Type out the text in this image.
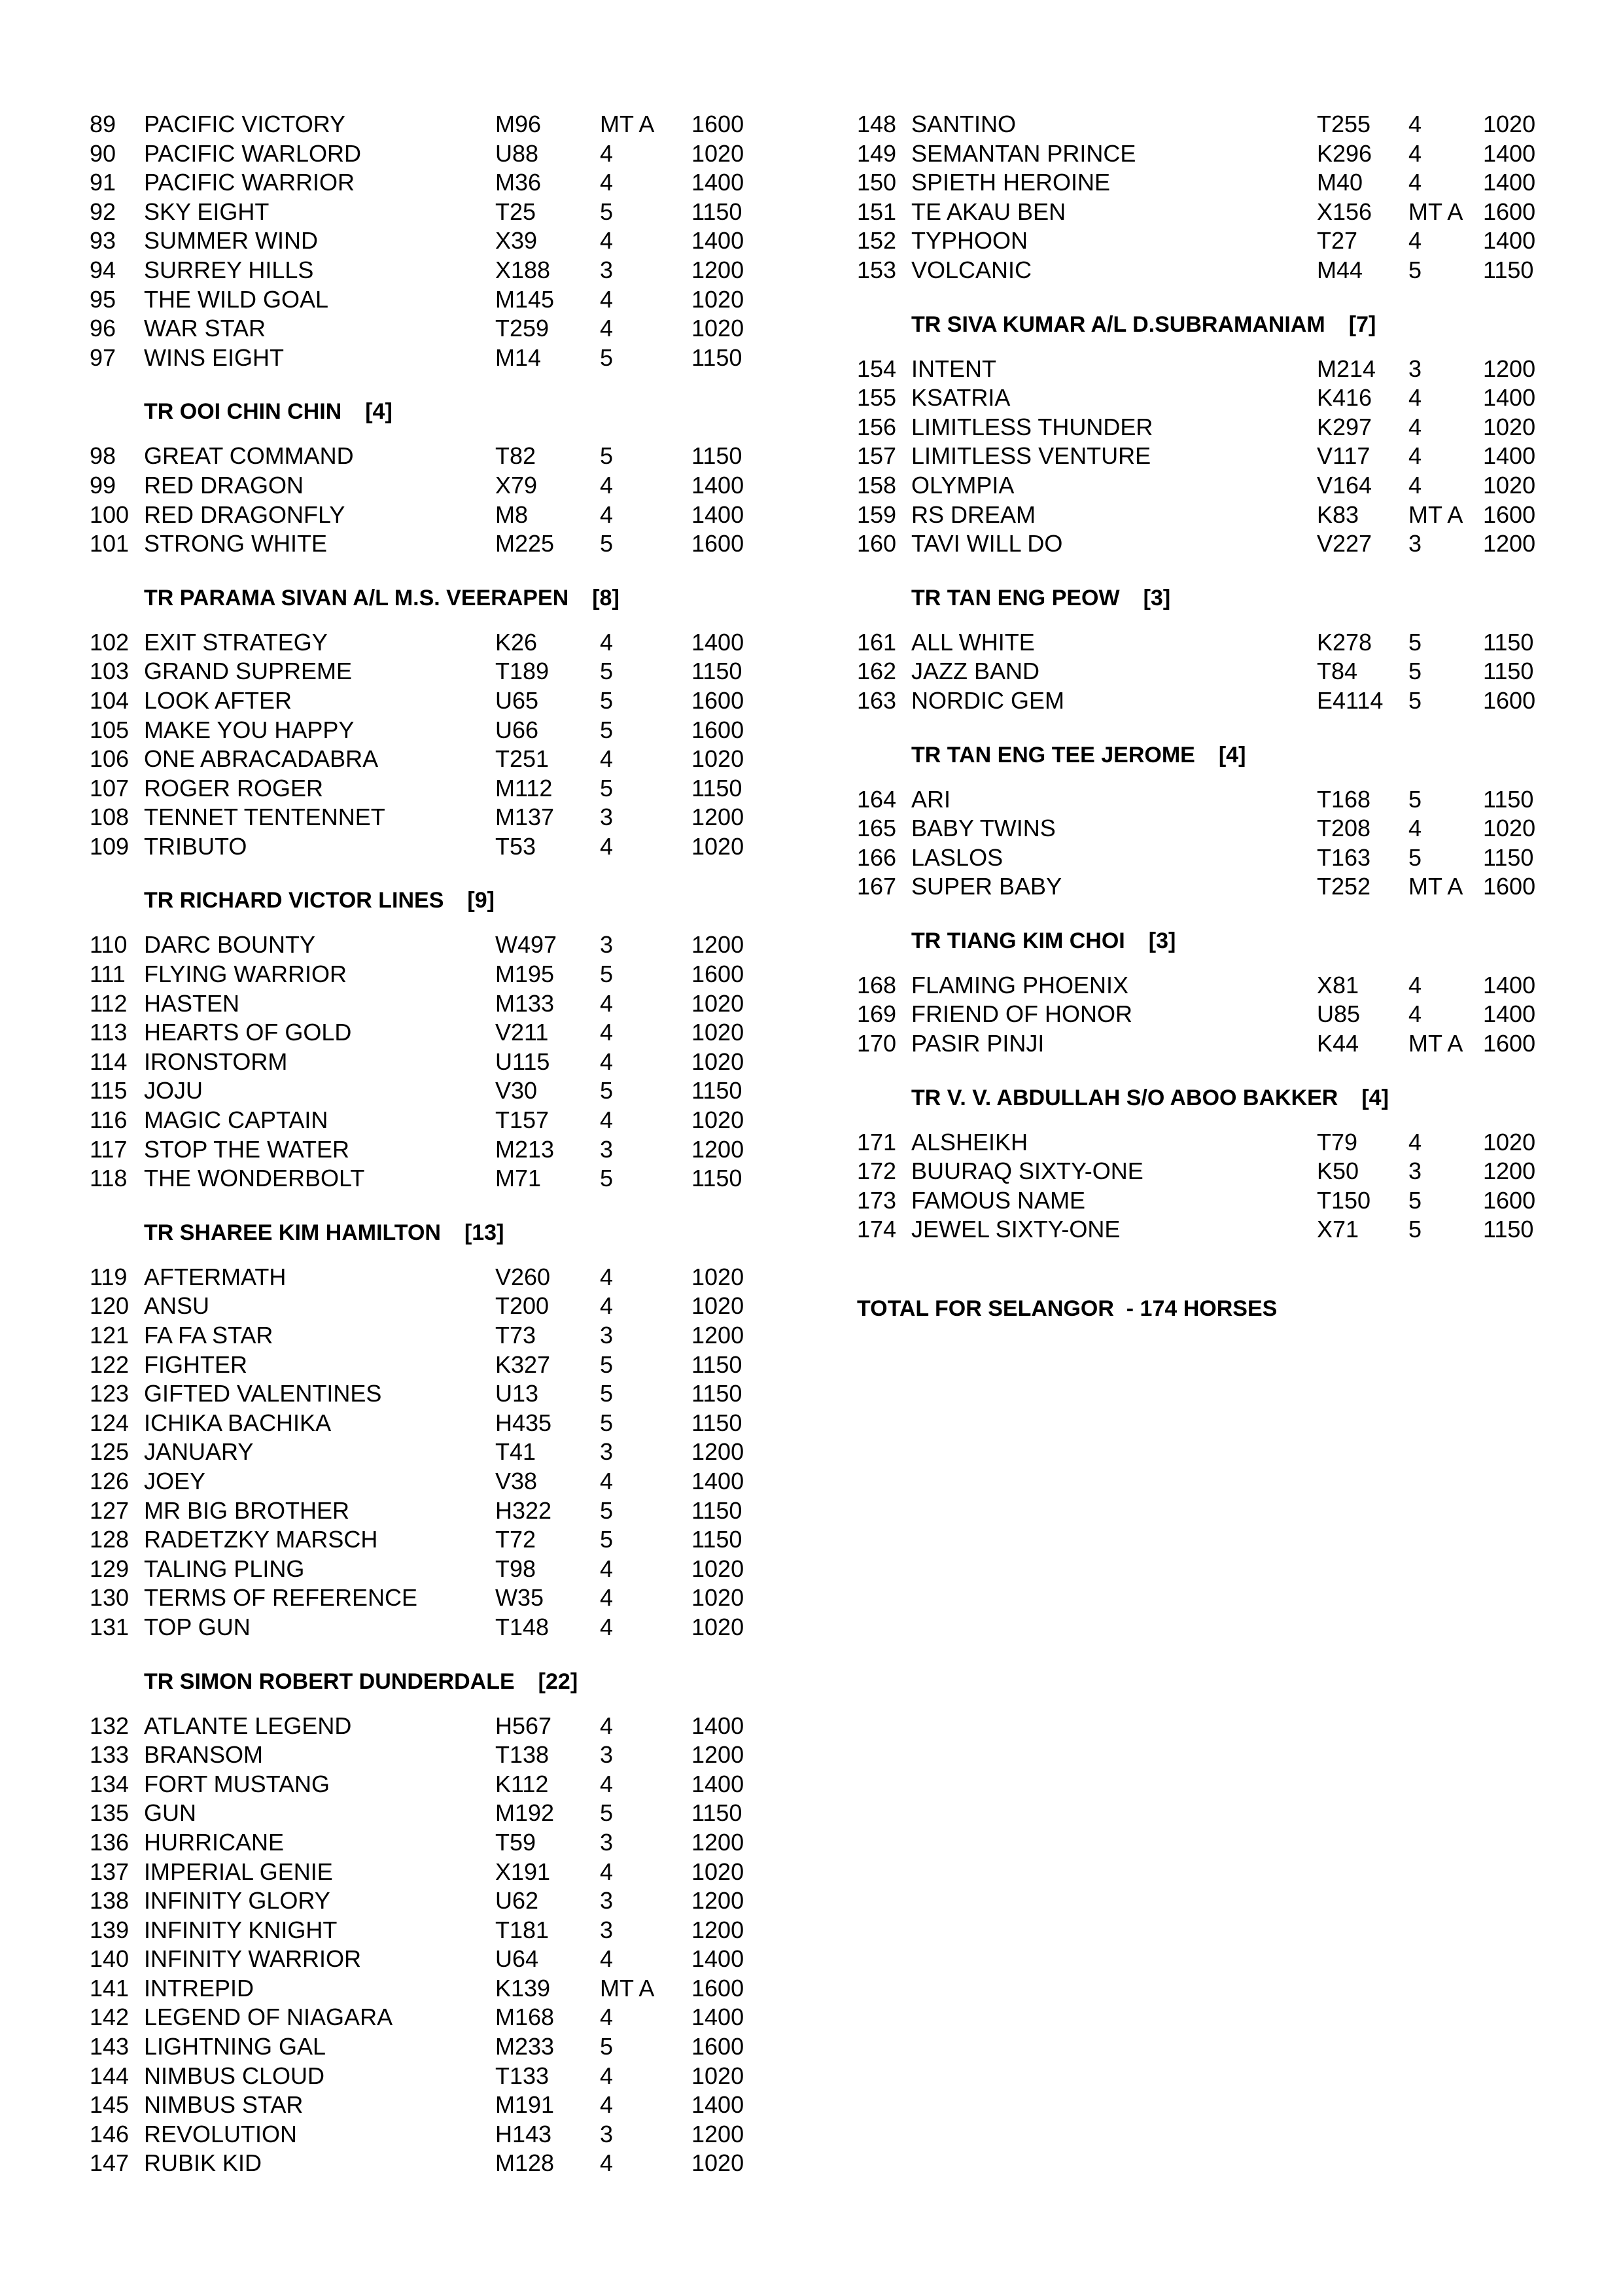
89 PACIFIC VICTORY	M96 MT A 1600
90 PACIFIC WARLORD	U88	4	1020
91 PACIFIC WARRIOR	M36 4	1400
92 SKY EIGHT	T25	5	1150
93 SUMMER WIND	X39	4	1400
94 SURREY HILLS	X188 3	1200
95 THE WILD GOAL	M145 4	1020
96 WAR STAR	T259 4	1020
97 WINS EIGHT	M14 5	1150
TR OOI CHIN CHIN [4]
98 GREAT COMMAND	T82	5	1150
99 RED DRAGON	X79	4	1400
100 RED DRAGONFLY	M8	4	1400
101 STRONG WHITE	M225 5	1600
TR PARAMA SIVAN A/L M.S. VEERAPEN [8]
102 EXIT STRATEGY	K26	4	1400
103 GRAND SUPREME	T189 5	1150
104 LOOK AFTER	U65	5	1600
105 MAKE YOU HAPPY	U66	5	1600
106 ONE ABRACADABRA	T251 4	1020
107 ROGER ROGER	M112 5	1150
108 TENNET TENTENNET	M137 3	1200
109 TRIBUTO	T53	4	1020
TR RICHARD VICTOR LINES [9]
110 DARC BOUNTY	W497 3	1200
111 FLYING WARRIOR	M195 5	1600
112 HASTEN	M133 4	1020
113 HEARTS OF GOLD	V211 4	1020
114 IRONSTORM	U115 4	1020
115 JOJU	V30	5	1150
116 MAGIC CAPTAIN	T157 4	1020
117 STOP THE WATER	M213 3	1200
118 THE WONDERBOLT	M71 5	1150
TR SHAREE KIM HAMILTON [13]
119 AFTERMATH	V260 4	1020
120 ANSU	T200 4	1020
121 FA FA STAR	T73	3	1200
122 FIGHTER	K327 5	1150
123 GIFTED VALENTINES	U13	5	1150
124 ICHIKA BACHIKA	H435 5	1150
125 JANUARY	T41	3	1200
126 JOEY	V38	4	1400
127 MR BIG BROTHER	H322 5	1150
128 RADETZKY MARSCH	T72	5	1150
129 TALING PLING	T98	4	1020
130 TERMS OF REFERENCE	W35 4	1020
131 TOP GUN	T148 4	1020
TR SIMON ROBERT DUNDERDALE [22]
132 ATLANTE LEGEND	H567 4	1400
133 BRANSOM	T138 3	1200
134 FORT MUSTANG	K112 4	1400
135 GUN	M192 5	1150
136 HURRICANE	T59	3	1200
137 IMPERIAL GENIE	X191 4	1020
138 INFINITY GLORY	U62	3	1200
139 INFINITY KNIGHT	T181 3	1200
140 INFINITY WARRIOR	U64	4	1400
141 INTREPID	K139 MT A 1600
142 LEGEND OF NIAGARA	M168 4	1400
143 LIGHTNING GAL	M233 5	1600
144 NIMBUS CLOUD	T133 4	1020
145 NIMBUS STAR	M191 4	1400
146 REVOLUTION	H143 3	1200
147 RUBIK KID	M128 4	1020
148 SANTINO	T255 4	1020
149 SEMANTAN PRINCE	K296 4	1400
150 SPIETH HEROINE	M40 4	1400
151 TE AKAU BEN	X156 MT A 1600
152 TYPHOON	T27 4	1400
153 VOLCANIC	M44 5	1150
TR SIVA KUMAR A/L D.SUBRAMANIAM [7]
154 INTENT	M214 3	1200
155 KSATRIA	K416 4	1400
156 LIMITLESS THUNDER	K297 4	1020
157 LIMITLESS VENTURE	V117 4	1400
158 OLYMPIA	V164 4	1020
159 RS DREAM	K83 MT A 1600
160 TAVI WILL DO	V227 3	1200
TR TAN ENG PEOW [3]
161 ALL WHITE	K278 5	1150
162 JAZZ BAND	T84 5	1150
163 NORDIC GEM	E4114 5	1600
TR TAN ENG TEE JEROME [4]
164 ARI	T168 5	1150
165 BABY TWINS	T208 4	1020
166 LASLOS	T163 5	1150
167 SUPER BABY	T252 MT A 1600
TR TIANG KIM CHOI [3]
168 FLAMING PHOENIX	X81 4	1400
169 FRIEND OF HONOR	U85 4	1400
170 PASIR PINJI	K44 MT A 1600
TR V. V. ABDULLAH S/O ABOO BAKKER [4]
171 ALSHEIKH	T79 4	1020
172 BUURAQ SIXTY-ONE	K50 3	1200
173 FAMOUS NAME	T150 5	1600
174 JEWEL SIXTY-ONE	X71 5	1150
TOTAL FOR SELANGOR  - 174 HORSES
